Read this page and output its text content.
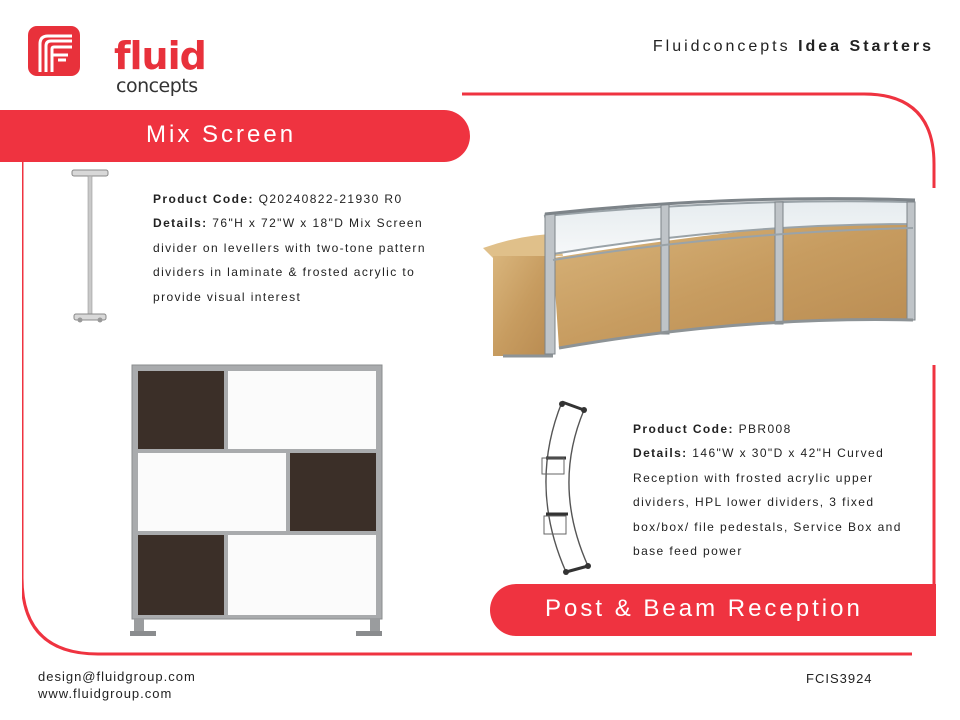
fluid
concepts
Fluidconcepts Idea Starters
Mix Screen
Product Code: Q20240822-21930 R0
Details: 76"H x 72"W x 18"D Mix Screen divider on levellers with two-tone pattern dividers in laminate & frosted acrylic to provide visual interest
Product Code: PBR008
Details: 146"W x 30"D x 42"H Curved Reception with frosted acrylic upper dividers, HPL lower dividers, 3 fixed box/box/ file pedestals, Service Box and base feed power
Post & Beam Reception
design@fluidgroup.com
www.fluidgroup.com
FCIS3924
